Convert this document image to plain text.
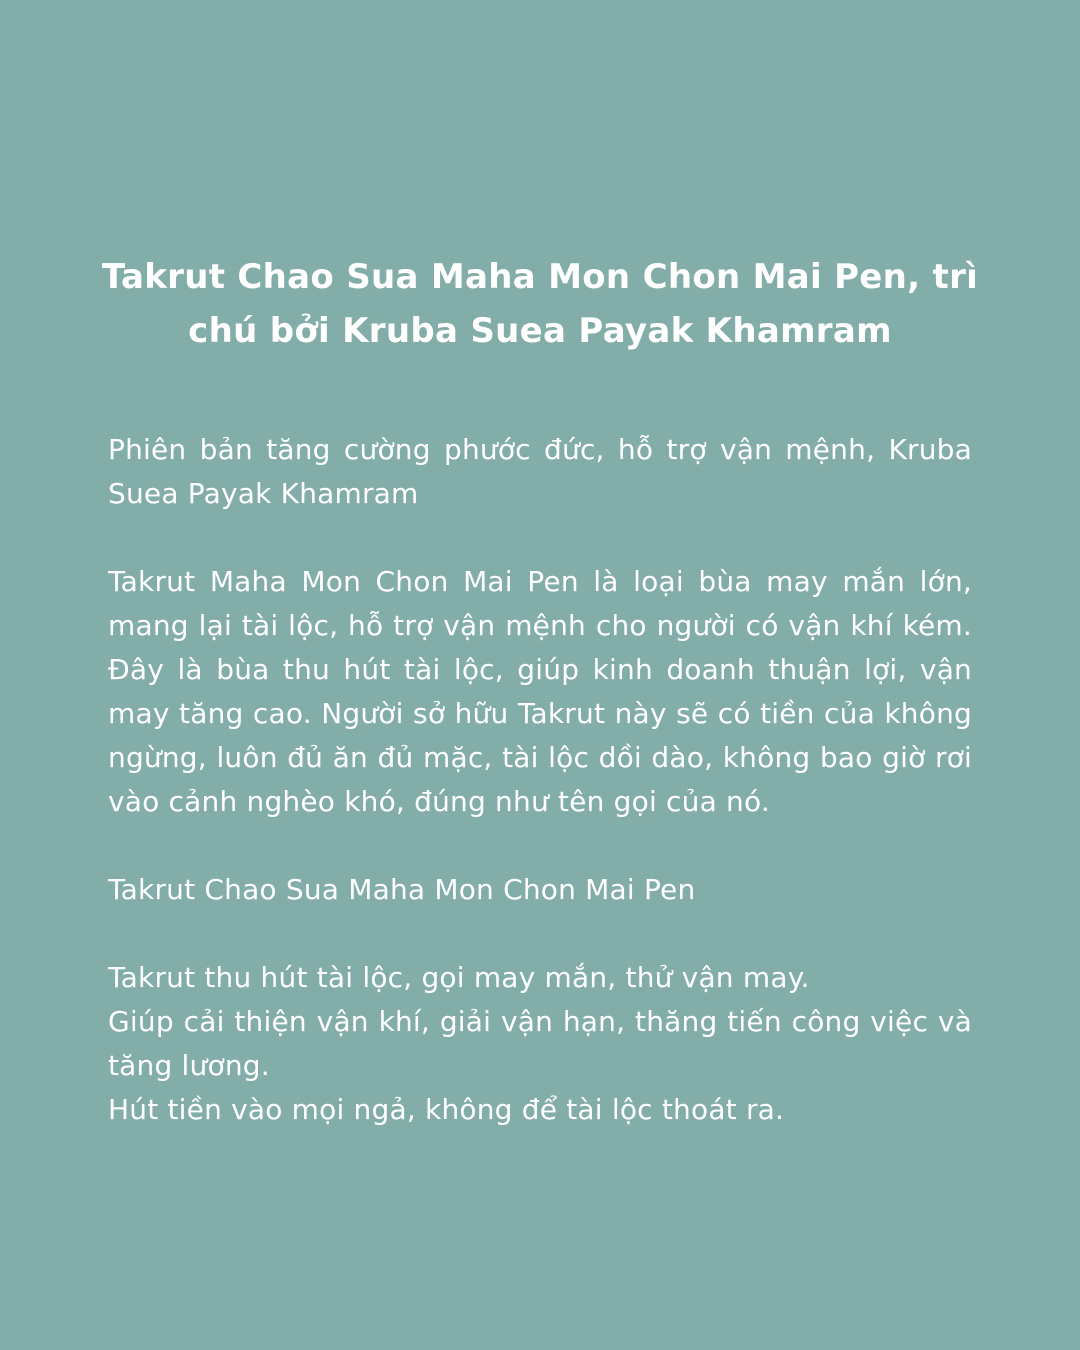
Takrut Chao Sua Maha Mon Chon Mai Pen, trì chú bởi Kruba Suea Payak Khamram

Phiên bản tăng cường phước đức, hỗ trợ vận mệnh, Kruba Suea Payak Khamram

Takrut Maha Mon Chon Mai Pen là loại bùa may mắn lớn, mang lại tài lộc, hỗ trợ vận mệnh cho người có vận khí kém. Đây là bùa thu hút tài lộc, giúp kinh doanh thuận lợi, vận may tăng cao. Người sở hữu Takrut này sẽ có tiền của không ngừng, luôn đủ ăn đủ mặc, tài lộc dồi dào, không bao giờ rơi vào cảnh nghèo khó, đúng như tên gọi của nó.

Takrut Chao Sua Maha Mon Chon Mai Pen

Takrut thu hút tài lộc, gọi may mắn, thử vận may.

Giúp cải thiện vận khí, giải vận hạn, thăng tiến công việc và tăng lương.

Hút tiền vào mọi ngả, không để tài lộc thoát ra.
